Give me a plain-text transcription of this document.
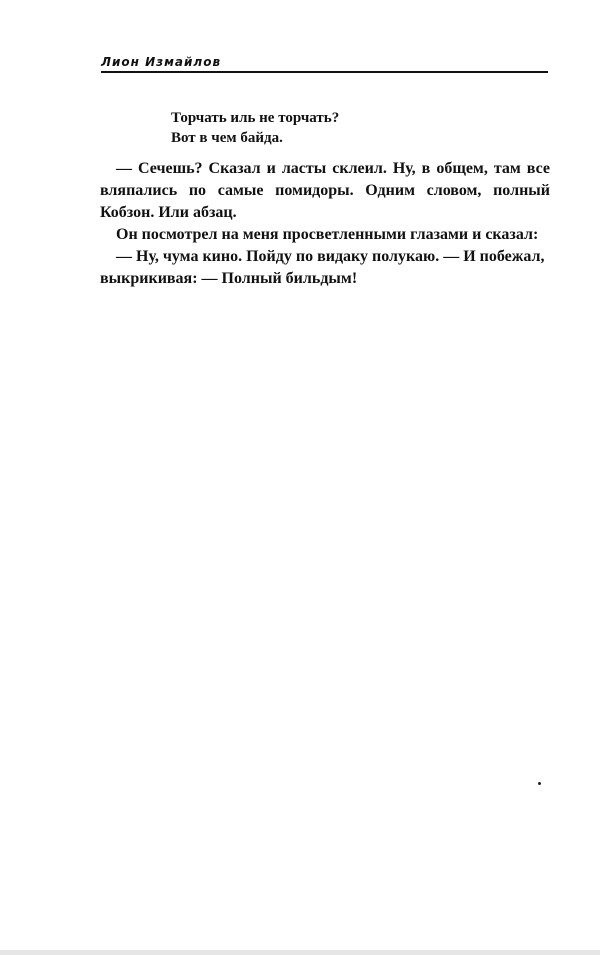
Лион Измайлов
Торчать иль не торчать?
Вот в чем байда.

— Сечешь? Сказал и ласты склеил. Ну, в общем, там все вляпались по самые помидоры. Одним словом, полный Кобзон. Или абзац.

Он посмотрел на меня просветленными глазами и сказал:

— Ну, чума кино. Пойду по видаку полукаю. — И побежал, выкрикивая: — Полный бильдым!
